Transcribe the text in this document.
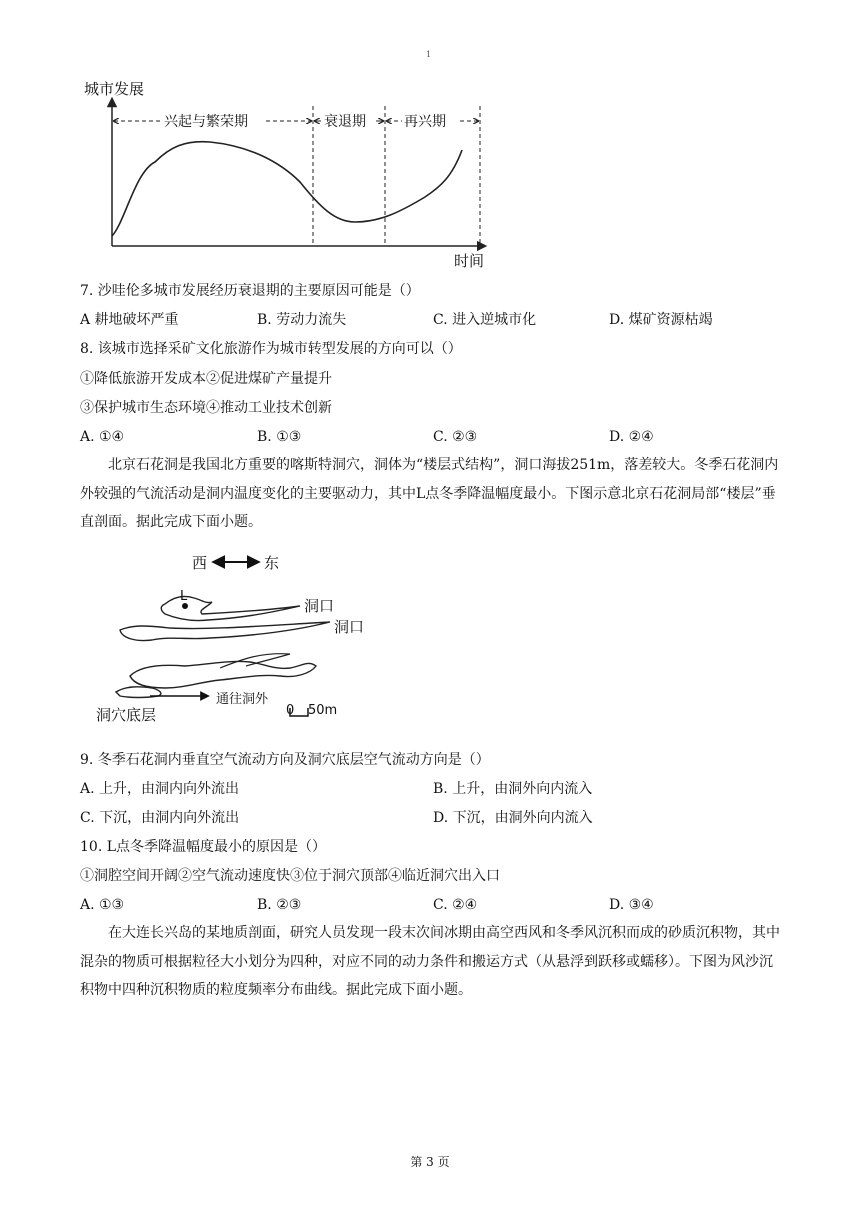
1
城市发展
时间
兴起与繁荣期	衰退期	再兴期
7. 沙哇伦多城市发展经历衰退期的主要原因可能是（）
A 耕地破坏严重	B. 劳动力流失	C. 进入逆城市化	D. 煤矿资源枯竭
8. 该城市选择采矿文化旅游作为城市转型发展的方向可以（）
①降低旅游开发成本②促进煤矿产量提升
③保护城市生态环境④推动工业技术创新
A. ①④	B. ①③	C. ②③	D. ②④
北京石花洞是我国北方重要的喀斯特洞穴，洞体为“楼层式结构”，洞口海拔251m，落差较大。冬季石花洞内外较强的气流活动是洞内温度变化的主要驱动力，其中L点冬季降温幅度最小。下图示意北京石花洞局部“楼层”垂直剖面。据此完成下面小题。
西	东
L
洞口
洞口
通往洞外
洞穴底层	0 50m
9. 冬季石花洞内垂直空气流动方向及洞穴底层空气流动方向是（）
A. 上升，由洞内向外流出	B. 上升，由洞外向内流入
C. 下沉，由洞内向外流出	D. 下沉，由洞外向内流入
10. L点冬季降温幅度最小的原因是（）
①洞腔空间开阔②空气流动速度快③位于洞穴顶部④临近洞穴出入口
A. ①③	B. ②③	C. ②④	D. ③④
在大连长兴岛的某地质剖面，研究人员发现一段末次间冰期由高空西风和冬季风沉积而成的砂质沉积物，其中混杂的物质可根据粒径大小划分为四种，对应不同的动力条件和搬运方式（从悬浮到跃移或蠕移）。下图为风沙沉积物中四种沉积物质的粒度频率分布曲线。据此完成下面小题。
第 3 页
